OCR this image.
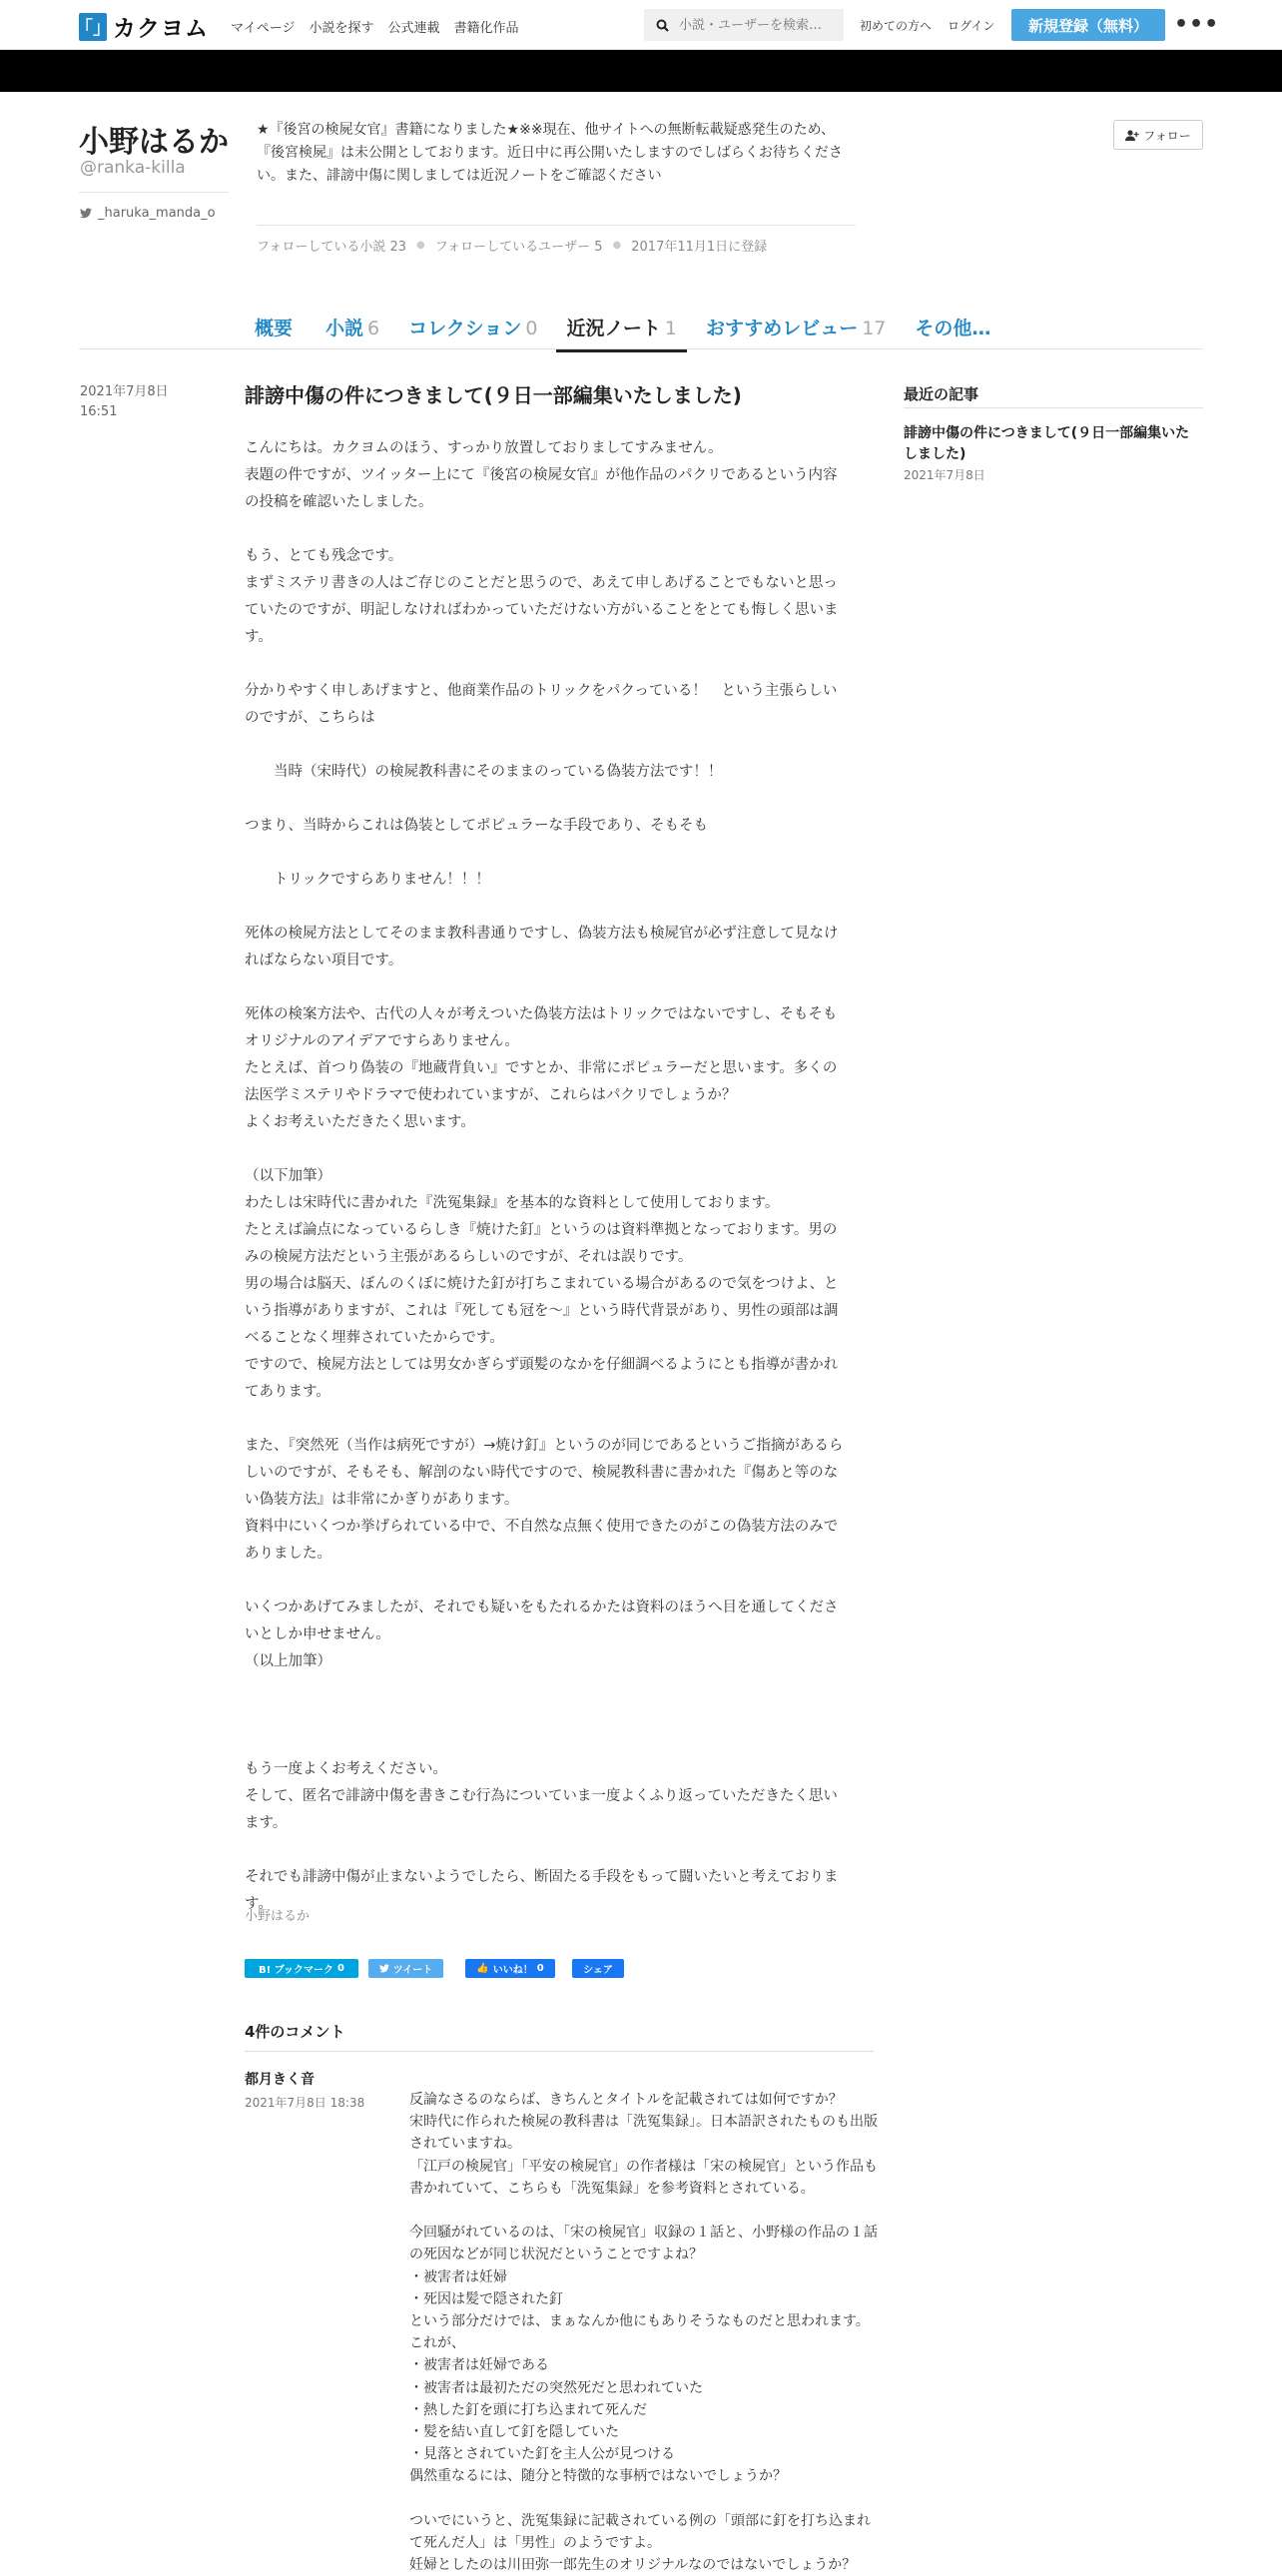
「」 カクヨム マイページ 小説を探す 公式連載 書籍化作品
小説・ユーザーを検索…	初めての方へ ログイン	新規登録（無料）	•••
小野はるか
@ranka-killa
_haruka_manda_o
★『後宮の検屍女官』書籍になりました★※※現在、他サイトへの無断転載疑惑発生のため、『後宮検屍』は未公開としております。近日中に再公開いたしますのでしばらくお待ちください。また、誹謗中傷に関しましては近況ノートをご確認ください
フォロー
フォローしている小説 23 ● フォローしているユーザー 5 ● 2017年11月1日に登録
概要	小説 6	コレクション 0	近況ノート 1	おすすめレビュー 17	その他…
2021年7月8日
16:51
誹謗中傷の件につきまして(９日一部編集いたしました)
こんにちは。カクヨムのほう、すっかり放置しておりましてすみません。
表題の件ですが、ツイッター上にて『後宮の検屍女官』が他作品のパクリであるという内容の投稿を確認いたしました。

もう、とても残念です。
まずミステリ書きの人はご存じのことだと思うので、あえて申しあげることでもないと思っていたのですが、明記しなければわかっていただけない方がいることをとても悔しく思います。

分かりやすく申しあげますと、他商業作品のトリックをパクっている！　という主張らしいのですが、こちらは

　　当時（宋時代）の検屍教科書にそのままのっている偽装方法です！！

つまり、当時からこれは偽装としてポピュラーな手段であり、そもそも

　　トリックですらありません！！！

死体の検屍方法としてそのまま教科書通りですし、偽装方法も検屍官が必ず注意して見なければならない項目です。

死体の検案方法や、古代の人々が考えついた偽装方法はトリックではないですし、そもそもオリジナルのアイデアですらありません。
たとえば、首つり偽装の『地蔵背負い』ですとか、非常にポピュラーだと思います。多くの法医学ミステリやドラマで使われていますが、これらはパクリでしょうか？
よくお考えいただきたく思います。

（以下加筆）
わたしは宋時代に書かれた『洗冤集録』を基本的な資料として使用しております。
たとえば論点になっているらしき『焼けた釘』というのは資料準拠となっております。男のみの検屍方法だという主張があるらしいのですが、それは誤りです。
男の場合は脳天、ぼんのくぼに焼けた釘が打ちこまれている場合があるので気をつけよ、という指導がありますが、これは『死しても冠を～』という時代背景があり、男性の頭部は調べることなく埋葬されていたからです。
ですので、検屍方法としては男女かぎらず頭髪のなかを仔細調べるようにとも指導が書かれてあります。

また、『突然死（当作は病死ですが）→焼け釘』というのが同じであるというご指摘があるらしいのですが、そもそも、解剖のない時代ですので、検屍教科書に書かれた『傷あと等のない偽装方法』は非常にかぎりがあります。
資料中にいくつか挙げられている中で、不自然な点無く使用できたのがこの偽装方法のみでありました。

いくつかあげてみましたが、それでも疑いをもたれるかたは資料のほうへ目を通してくださいとしか申せません。
（以上加筆）

もう一度よくお考えください。
そして、匿名で誹謗中傷を書きこむ行為についていま一度よくふり返っていただきたく思います。

それでも誹謗中傷が止まないようでしたら、断固たる手段をもって闘いたいと考えております。
小野はるか
B! ブックマーク 0	ツイート	👍 いいね！ 0	シェア
4件のコメント
都月きく音
2021年7月8日 18:38	反論なさるのならば、きちんとタイトルを記載されては如何ですか？
宋時代に作られた検屍の教科書は「洗冤集録」。日本語訳されたものも出版されていますね。
「江戸の検屍官」「平安の検屍官」の作者様は「宋の検屍官」という作品も書かれていて、こちらも「洗冤集録」を参考資料とされている。

今回騒がれているのは、「宋の検屍官」収録の１話と、小野様の作品の１話の死因などが同じ状況だということですよね？
・被害者は妊婦
・死因は髪で隠された釘
という部分だけでは、まぁなんか他にもありそうなものだと思われます。
これが、
・被害者は妊婦である
・被害者は最初ただの突然死だと思われていた
・熱した釘を頭に打ち込まれて死んだ
・髪を結い直して釘を隠していた
・見落とされていた釘を主人公が見つける
偶然重なるには、随分と特徴的な事柄ではないでしょうか？

ついでにいうと、洗冤集録に記載されている例の「頭部に釘を打ち込まれて死んだ人」は「男性」のようですよ。
妊婦としたのは川田弥一郎先生のオリジナルなのではないでしょうか？
最近の記事
誹謗中傷の件につきまして(９日一部編集いたしました)
2021年7月8日
